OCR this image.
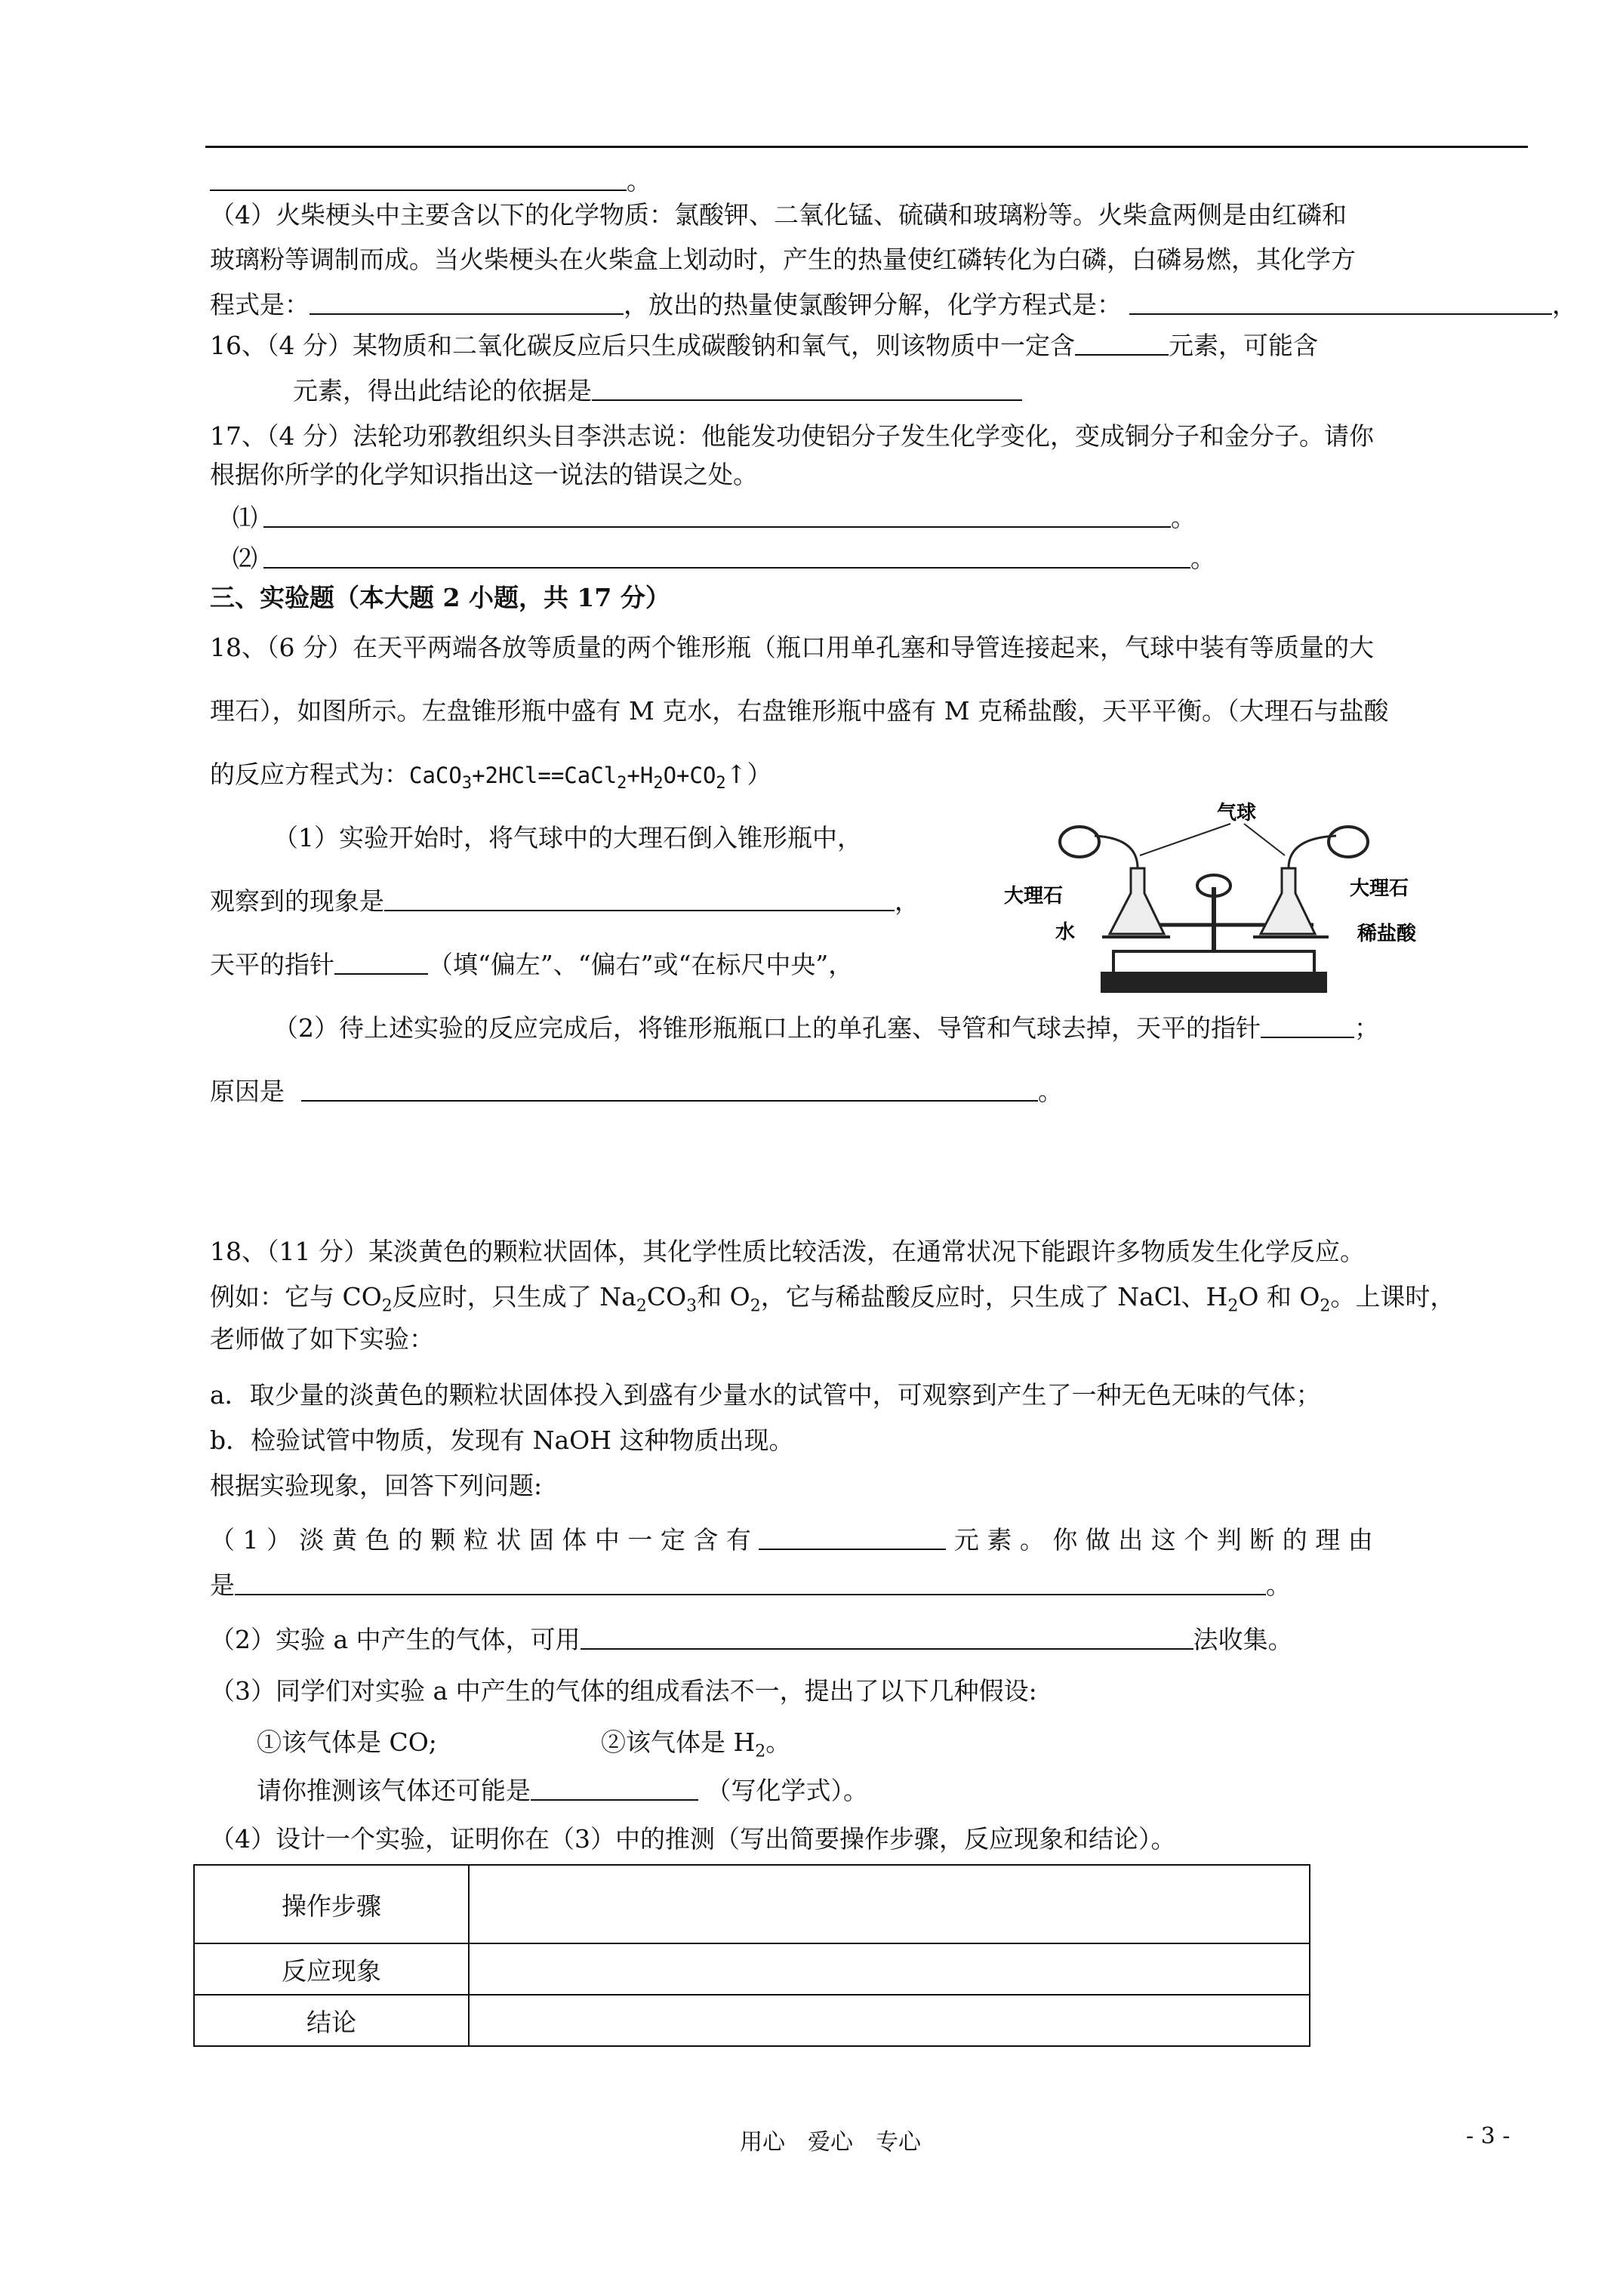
。
（4）火柴梗头中主要含以下的化学物质：氯酸钾、二氧化锰、硫磺和玻璃粉等。火柴盒两侧是由红磷和
玻璃粉等调制而成。当火柴梗头在火柴盒上划动时，产生的热量使红磷转化为白磷，白磷易燃，其化学方
程式是：	，放出的热量使氯酸钾分解，化学方程式是：	，
16、（4 分）某物质和二氧化碳反应后只生成碳酸钠和氧气，则该物质中一定含	元素，可能含
元素，得出此结论的依据是
17、（4 分）法轮功邪教组织头目李洪志说：他能发功使铝分子发生化学变化，变成铜分子和金分子。请你
根据你所学的化学知识指出这一说法的错误之处。
⑴	。
⑵	。
三、实验题（本大题 2 小题，共 17 分）
18、（6 分）在天平两端各放等质量的两个锥形瓶（瓶口用单孔塞和导管连接起来，气球中装有等质量的大
理石），如图所示。左盘锥形瓶中盛有 M 克水，右盘锥形瓶中盛有 M 克稀盐酸，天平平衡。（大理石与盐酸
的反应方程式为：$CaCO_3+2HCl==CaCl_2+H_2O+CO_2↑$）
（1）实验开始时，将气球中的大理石倒入锥形瓶中，
观察到的现象是	，
天平的指针	（填“偏左”、“偏右”或“在标尺中央”，
气球
大理石	大理石
水	稀盐酸
（2）待上述实验的反应完成后，将锥形瓶瓶口上的单孔塞、导管和气球去掉，天平的指针	；
原因是	。
18、（11 分）某淡黄色的颗粒状固体，其化学性质比较活泼，在通常状况下能跟许多物质发生化学反应。
例如：它与 $CO_2$反应时，只生成了 $Na_2CO_3$和 $O_2$，它与稀盐酸反应时，只生成了 NaCl、$H_2O$ 和 $O_2$。上课时，
老师做了如下实验：
a．取少量的淡黄色的颗粒状固体投入到盛有少量水的试管中，可观察到产生了一种无色无味的气体；
b．检验试管中物质，发现有 NaOH 这种物质出现。
根据实验现象，回答下列问题:
（ 1 ） 淡 黄 色 的 颗 粒 状 固 体 中 一 定 含 有	元 素 。 你 做 出 这 个 判 断 的 理 由
是	。
（2）实验 a 中产生的气体，可用	法收集。
（3）同学们对实验 a 中产生的气体的组成看法不一，提出了以下几种假设:
①该气体是 CO;	②该气体是 $H_2$。
请你推测该气体还可能是	（写化学式）。
（4）设计一个实验，证明你在（3）中的推测（写出简要操作步骤，反应现象和结论）。
操作步骤	
反应现象	
结论	
用心　爱心　专心	- 3 -
